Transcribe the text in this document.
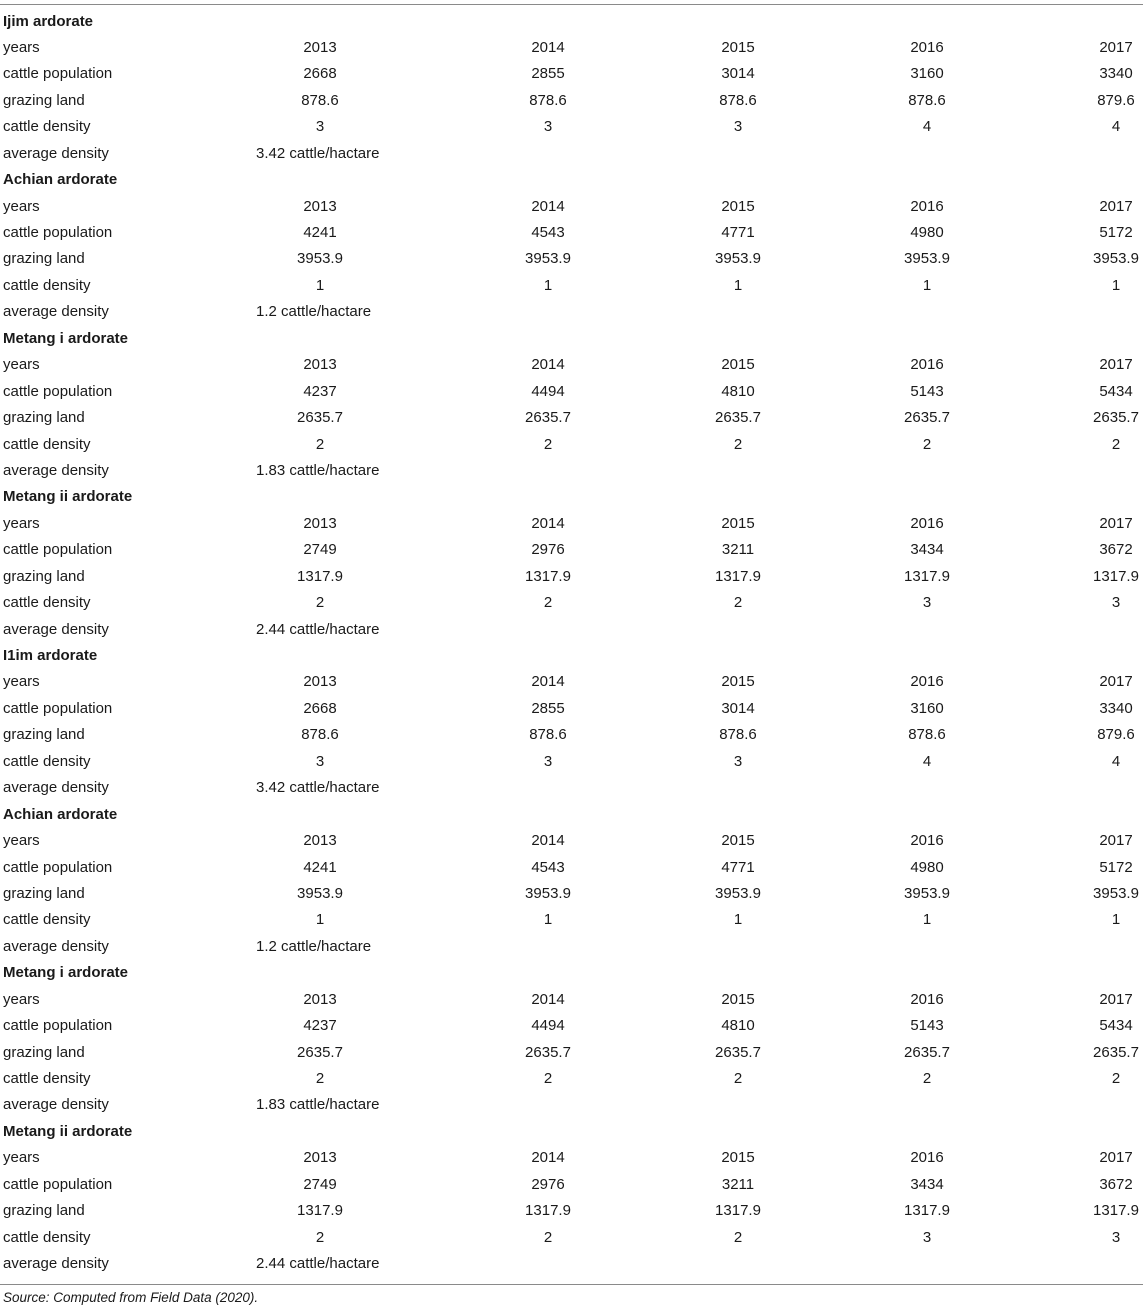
Ijim ardorate
years	2013	2014	2015	2016	2017
cattle population	2668	2855	3014	3160	3340
grazing land	878.6	878.6	878.6	878.6	879.6
cattle density	3	3	3	4	4
average density	3.42 cattle/hactare
Achian ardorate
years	2013	2014	2015	2016	2017
cattle population	4241	4543	4771	4980	5172
grazing land	3953.9	3953.9	3953.9	3953.9	3953.9
cattle density	1	1	1	1	1
average density	1.2 cattle/hactare
Metang i ardorate
years	2013	2014	2015	2016	2017
cattle population	4237	4494	4810	5143	5434
grazing land	2635.7	2635.7	2635.7	2635.7	2635.7
cattle density	2	2	2	2	2
average density	1.83 cattle/hactare
Metang ii ardorate
years	2013	2014	2015	2016	2017
cattle population	2749	2976	3211	3434	3672
grazing land	1317.9	1317.9	1317.9	1317.9	1317.9
cattle density	2	2	2	3	3
average density	2.44 cattle/hactare
I1im ardorate
years	2013	2014	2015	2016	2017
cattle population	2668	2855	3014	3160	3340
grazing land	878.6	878.6	878.6	878.6	879.6
cattle density	3	3	3	4	4
average density	3.42 cattle/hactare
Achian ardorate
years	2013	2014	2015	2016	2017
cattle population	4241	4543	4771	4980	5172
grazing land	3953.9	3953.9	3953.9	3953.9	3953.9
cattle density	1	1	1	1	1
average density	1.2 cattle/hactare
Metang i ardorate
years	2013	2014	2015	2016	2017
cattle population	4237	4494	4810	5143	5434
grazing land	2635.7	2635.7	2635.7	2635.7	2635.7
cattle density	2	2	2	2	2
average density	1.83 cattle/hactare
Metang ii ardorate
years	2013	2014	2015	2016	2017
cattle population	2749	2976	3211	3434	3672
grazing land	1317.9	1317.9	1317.9	1317.9	1317.9
cattle density	2	2	2	3	3
average density	2.44 cattle/hactare
Source: Computed from Field Data (2020).
